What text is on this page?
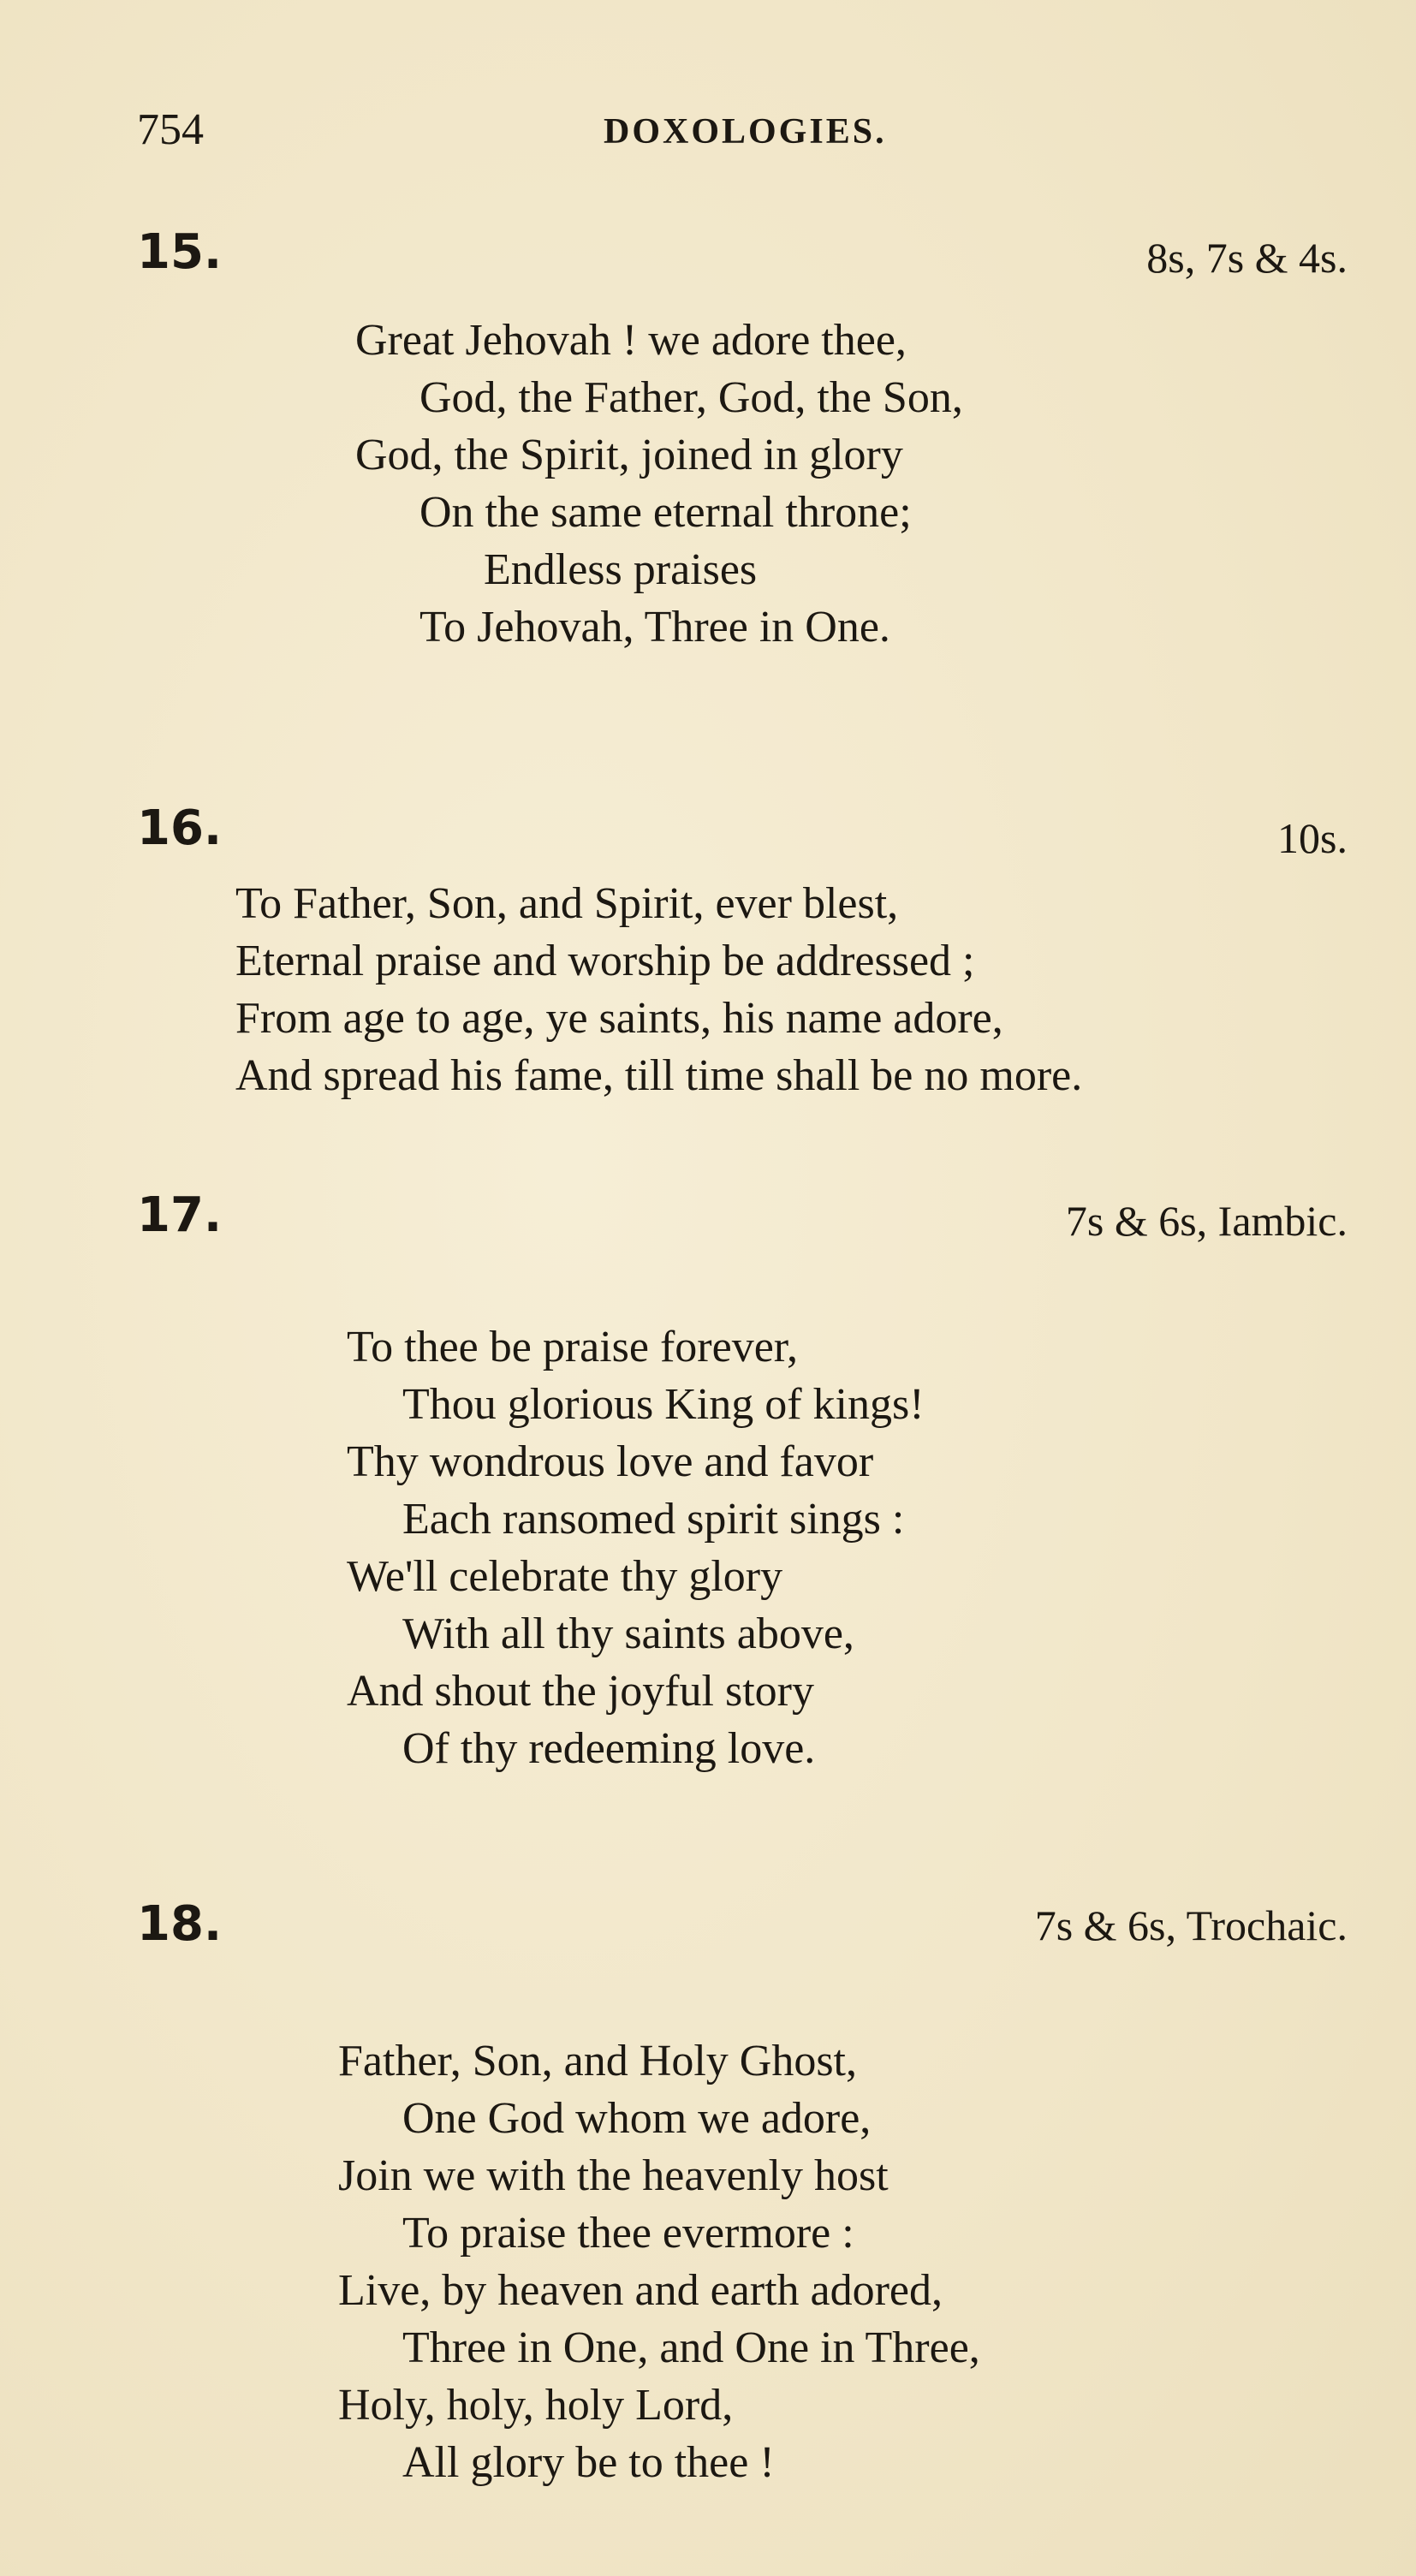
754	DOXOLOGIES.
15.	8s, 7s & 4s.
Great Jehovah ! we adore thee,
God, the Father, God, the Son,
God, the Spirit, joined in glory
On the same eternal throne;
Endless praises
To Jehovah, Three in One.
16.	10s.
To Father, Son, and Spirit, ever blest,
Eternal praise and worship be addressed ;
From age to age, ye saints, his name adore,
And spread his fame, till time shall be no more.
17.	7s & 6s, Iambic.
To thee be praise forever,
Thou glorious King of kings!
Thy wondrous love and favor
Each ransomed spirit sings :
We'll celebrate thy glory
With all thy saints above,
And shout the joyful story
Of thy redeeming love.
18.	7s & 6s, Trochaic.
Father, Son, and Holy Ghost,
One God whom we adore,
Join we with the heavenly host
To praise thee evermore :
Live, by heaven and earth adored,
Three in One, and One in Three,
Holy, holy, holy Lord,
All glory be to thee !
